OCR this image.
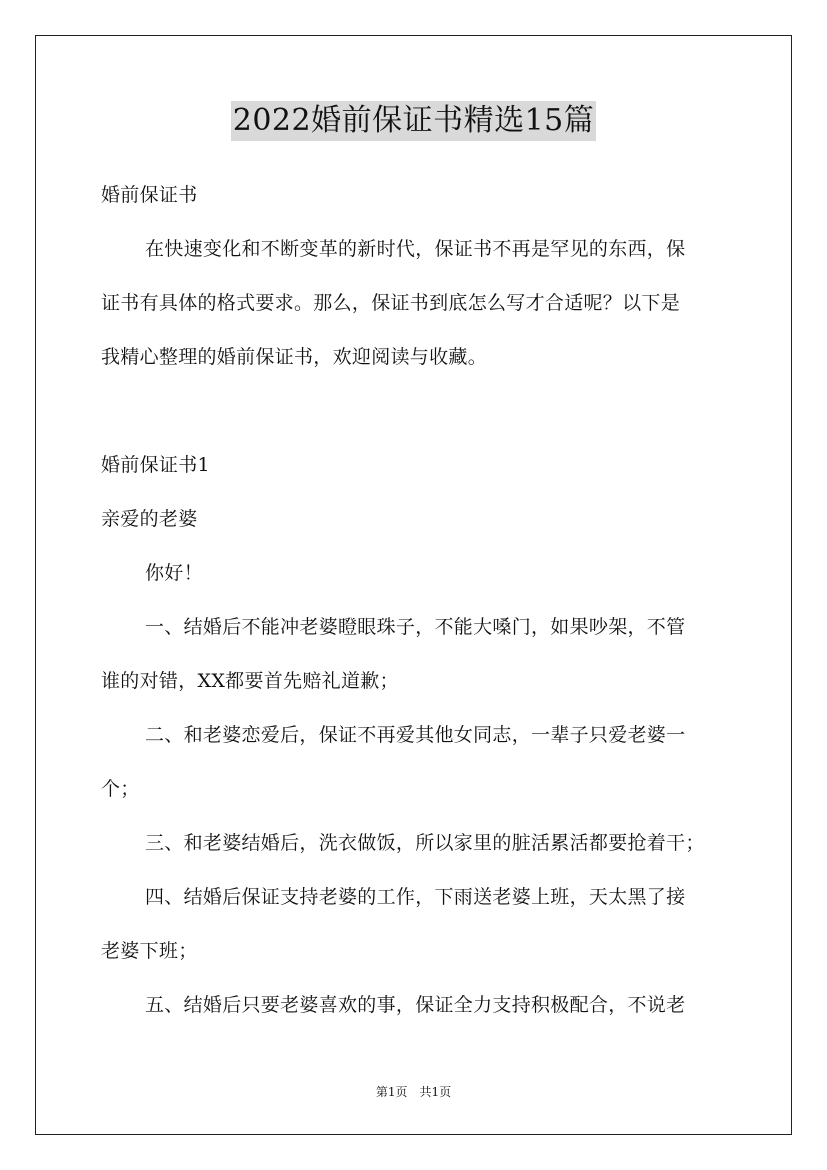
2022婚前保证书精选15篇
婚前保证书
在快速变化和不断变革的新时代，保证书不再是罕见的东西，保
证书有具体的格式要求。那么，保证书到底怎么写才合适呢？以下是
我精心整理的婚前保证书，欢迎阅读与收藏。
婚前保证书1
亲爱的老婆
你好！
一、结婚后不能冲老婆瞪眼珠子，不能大嗓门，如果吵架，不管
谁的对错，XX都要首先赔礼道歉；
二、和老婆恋爱后，保证不再爱其他女同志，一辈子只爱老婆一
个；
三、和老婆结婚后，洗衣做饭，所以家里的脏活累活都要抢着干；
四、结婚后保证支持老婆的工作，下雨送老婆上班，天太黑了接
老婆下班；
五、结婚后只要老婆喜欢的事，保证全力支持积极配合，不说老
第1页　共1页
